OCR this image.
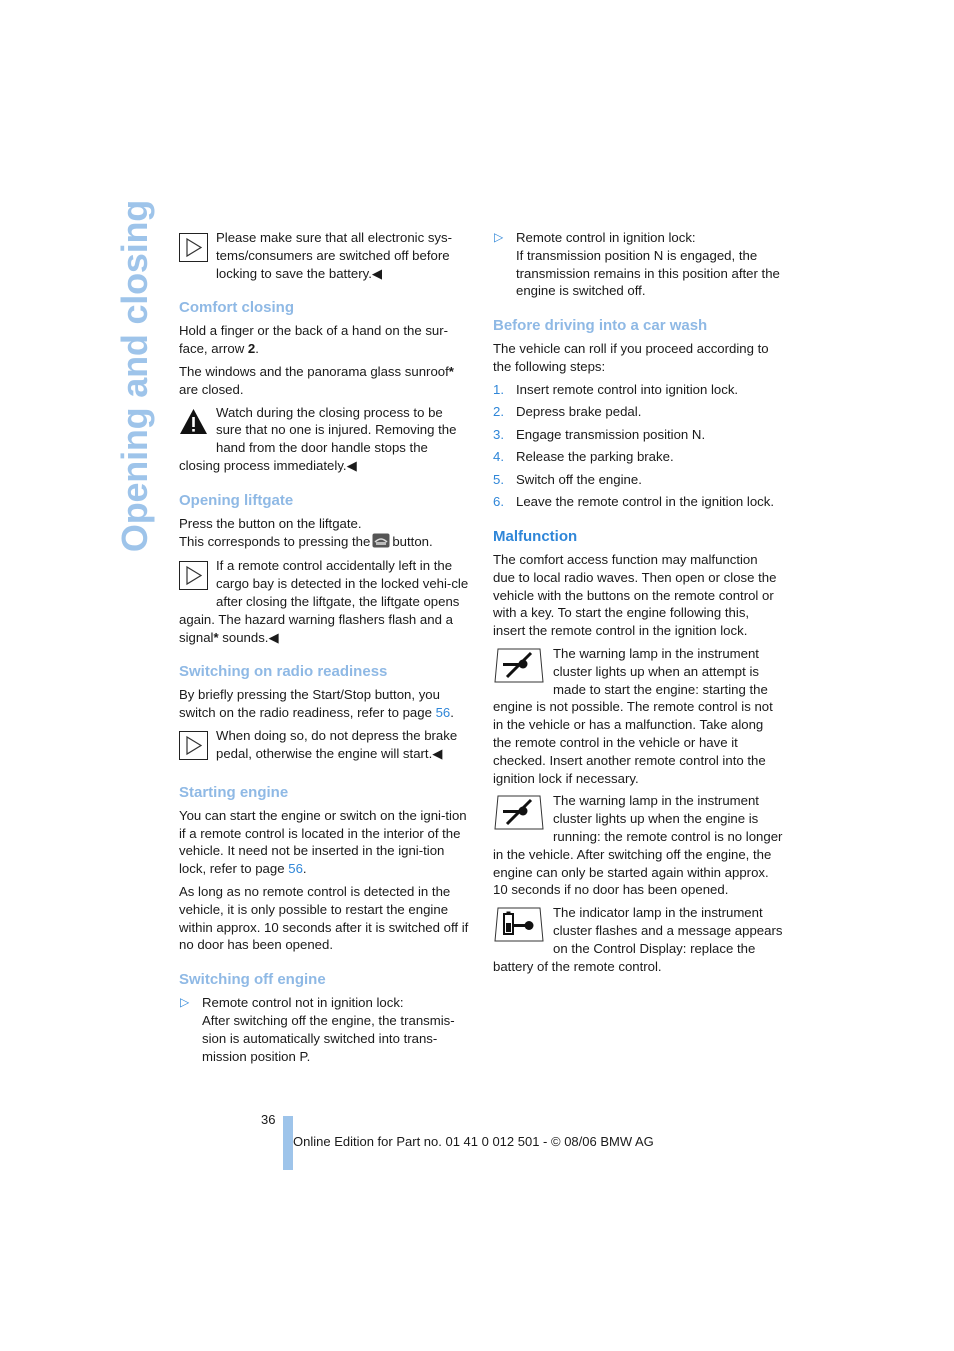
Opening and closing	Please make sure that all electronic sys-tems/consumers are switched off before locking to save the battery.◀
Comfort closing

Hold a finger or the back of a hand on the sur-face, arrow 2.

The windows and the panorama glass sunroof* are closed.

Watch during the closing process to be sure that no one is injured. Removing the hand from the door handle stops the closing process immediately.◀
Opening liftgate

Press the button on the liftgate.

This corresponds to pressing the button.

If a remote control accidentally left in the cargo bay is detected in the locked vehi-cle after closing the liftgate, the liftgate opens again. The hazard warning flashers flash and a signal* sounds.◀
Switching on radio readiness

By briefly pressing the Start/Stop button, you switch on the radio readiness, refer to page 56.

When doing so, do not depress the brake pedal, otherwise the engine will start.◀
Starting engine

You can start the engine or switch on the igni-tion if a remote control is located in the interior of the vehicle. It need not be inserted in the igni-tion lock, refer to page 56.

As long as no remote control is detected in the vehicle, it is only possible to restart the engine within approx. 10 seconds after it is switched off if no door has been opened.

Switching off engine
▷ Remote control not in ignition lock:
After switching off the engine, the transmis-sion is automatically switched into trans-mission position P.
▷ Remote control in ignition lock:
If transmission position N is engaged, the transmission remains in this position after the engine is switched off.
Before driving into a car wash

The vehicle can roll if you proceed according to the following steps:

1. Insert remote control into ignition lock.
2. Depress brake pedal.
3. Engage transmission position N.
4. Release the parking brake.
5. Switch off the engine.
6. Leave the remote control in the ignition lock.
Malfunction

The comfort access function may malfunction due to local radio waves. Then open or close the vehicle with the buttons on the remote control or with a key. To start the engine following this, insert the remote control in the ignition lock.

The warning lamp in the instrument cluster lights up when an attempt is made to start the engine: starting the engine is not possible. The remote control is not in the vehicle or has a malfunction. Take along the remote control in the vehicle or have it checked. Insert another remote control into the ignition lock if necessary.
The warning lamp in the instrument cluster lights up when the engine is running: the remote control is no longer in the vehicle. After switching off the engine, the engine can only be started again within approx. 10 seconds if no door has been opened.
The indicator lamp in the instrument cluster flashes and a message appears on the Control Display: replace the battery of the remote control.
36
Online Edition for Part no. 01 41 0 012 501 - © 08/06 BMW AG
